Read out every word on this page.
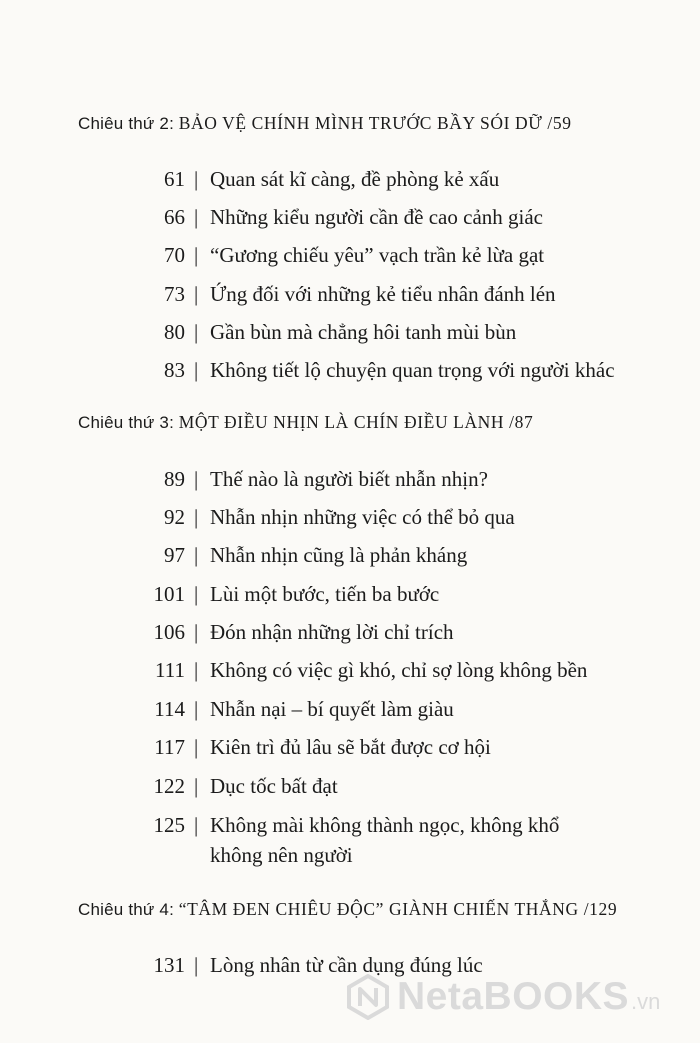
Chiêu thứ 2: BẢO VỆ CHÍNH MÌNH TRƯỚC BẦY SÓI DỮ /59
61 | Quan sát kĩ càng, đề phòng kẻ xấu
66 | Những kiểu người cần đề cao cảnh giác
70 | “Gương chiếu yêu” vạch trần kẻ lừa gạt
73 | Ứng đối với những kẻ tiểu nhân đánh lén
80 | Gần bùn mà chẳng hôi tanh mùi bùn
83 | Không tiết lộ chuyện quan trọng với người khác
Chiêu thứ 3: MỘT ĐIỀU NHỊN LÀ CHÍN ĐIỀU LÀNH /87
89 | Thế nào là người biết nhẫn nhịn?
92 | Nhẫn nhịn những việc có thể bỏ qua
97 | Nhẫn nhịn cũng là phản kháng
101 | Lùi một bước, tiến ba bước
106 | Đón nhận những lời chỉ trích
111 | Không có việc gì khó, chỉ sợ lòng không bền
114 | Nhẫn nại – bí quyết làm giàu
117 | Kiên trì đủ lâu sẽ bắt được cơ hội
122 | Dục tốc bất đạt
125 | Không mài không thành ngọc, không khổ
không nên người
Chiêu thứ 4: “TÂM ĐEN CHIÊU ĐỘC” GIÀNH CHIẾN THẮNG /129
131 | Lòng nhân từ cần dụng đúng lúc
NetaBOOKS .vn
